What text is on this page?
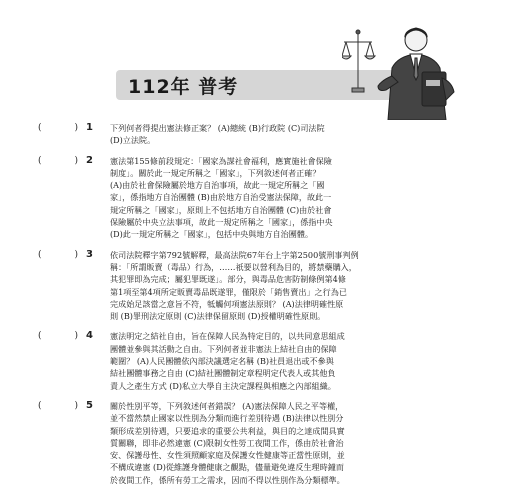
112年 普考
(	) 1 下列何者得提出憲法修正案？ (A)總統 (B)行政院 (C)司法院
(D)立法院。
(	) 2 憲法第155條前段規定：「國家為謀社會福利，應實施社會保險
制度」。關於此一規定所稱之「國家」，下列敘述何者正確？
(A)由於社會保險屬於地方自治事項，故此一規定所稱之「國
家」，係指地方自治團體 (B)由於地方自治受憲法保障，故此一
規定所稱之「國家」，原則上不包括地方自治團體 (C)由於社會
保險屬於中央立法事項，故此一規定所稱之「國家」，係指中央
(D)此一規定所稱之「國家」，包括中央與地方自治團體。
(	) 3 依司法院釋字第792號解釋，最高法院67年台上字第2500號刑事判例
稱：「所謂販賣（毒品）行為，……祇要以營利為目的，將禁藥購入，
其犯罪即為完成；屬犯罪既遂」。部分，與毒品危害防制條例第4條
第1項至第4項所定販賣毒品既遂罪，僅限於「銷售賣出」之行為已
完成始足該當之意旨不符，牴觸何項憲法原則？ (A)法律明確性原
則 (B)罪刑法定原則 (C)法律保留原則 (D)授權明確性原則。
(	) 4 憲法明定之結社自由，旨在保障人民為特定目的，以共同意思組成
團體並參與其活動之自由。下列何者並非憲法上結社自由的保障
範圍？ (A)人民團體依內部決議選定名稱 (B)社員退出或不參與
結社團體事務之自由 (C)結社團體制定章程明定代表人或其他負
責人之產生方式 (D)私立大學自主決定課程與相應之內部組織。
(	) 5 關於性別平等，下列敘述何者錯誤？ (A)憲法保障人民之平等權，
並不當然禁止國家以性別為分類而進行差別待遇 (B)法律以性別分
類形成差別待遇，只要追求的重要公共利益，與目的之達成間具實
質關聯，即非必然違憲 (C)限制女性勞工夜間工作，係由於社會治
安、保護母性、女性須照顧家庭及保護女性健康等正當性原則，並
不構成違憲 (D)從維護身體健康之觀點，儘量避免違反生理時鐘而
於夜間工作，係所有勞工之需求，因而不得以性別作為分類標準。
